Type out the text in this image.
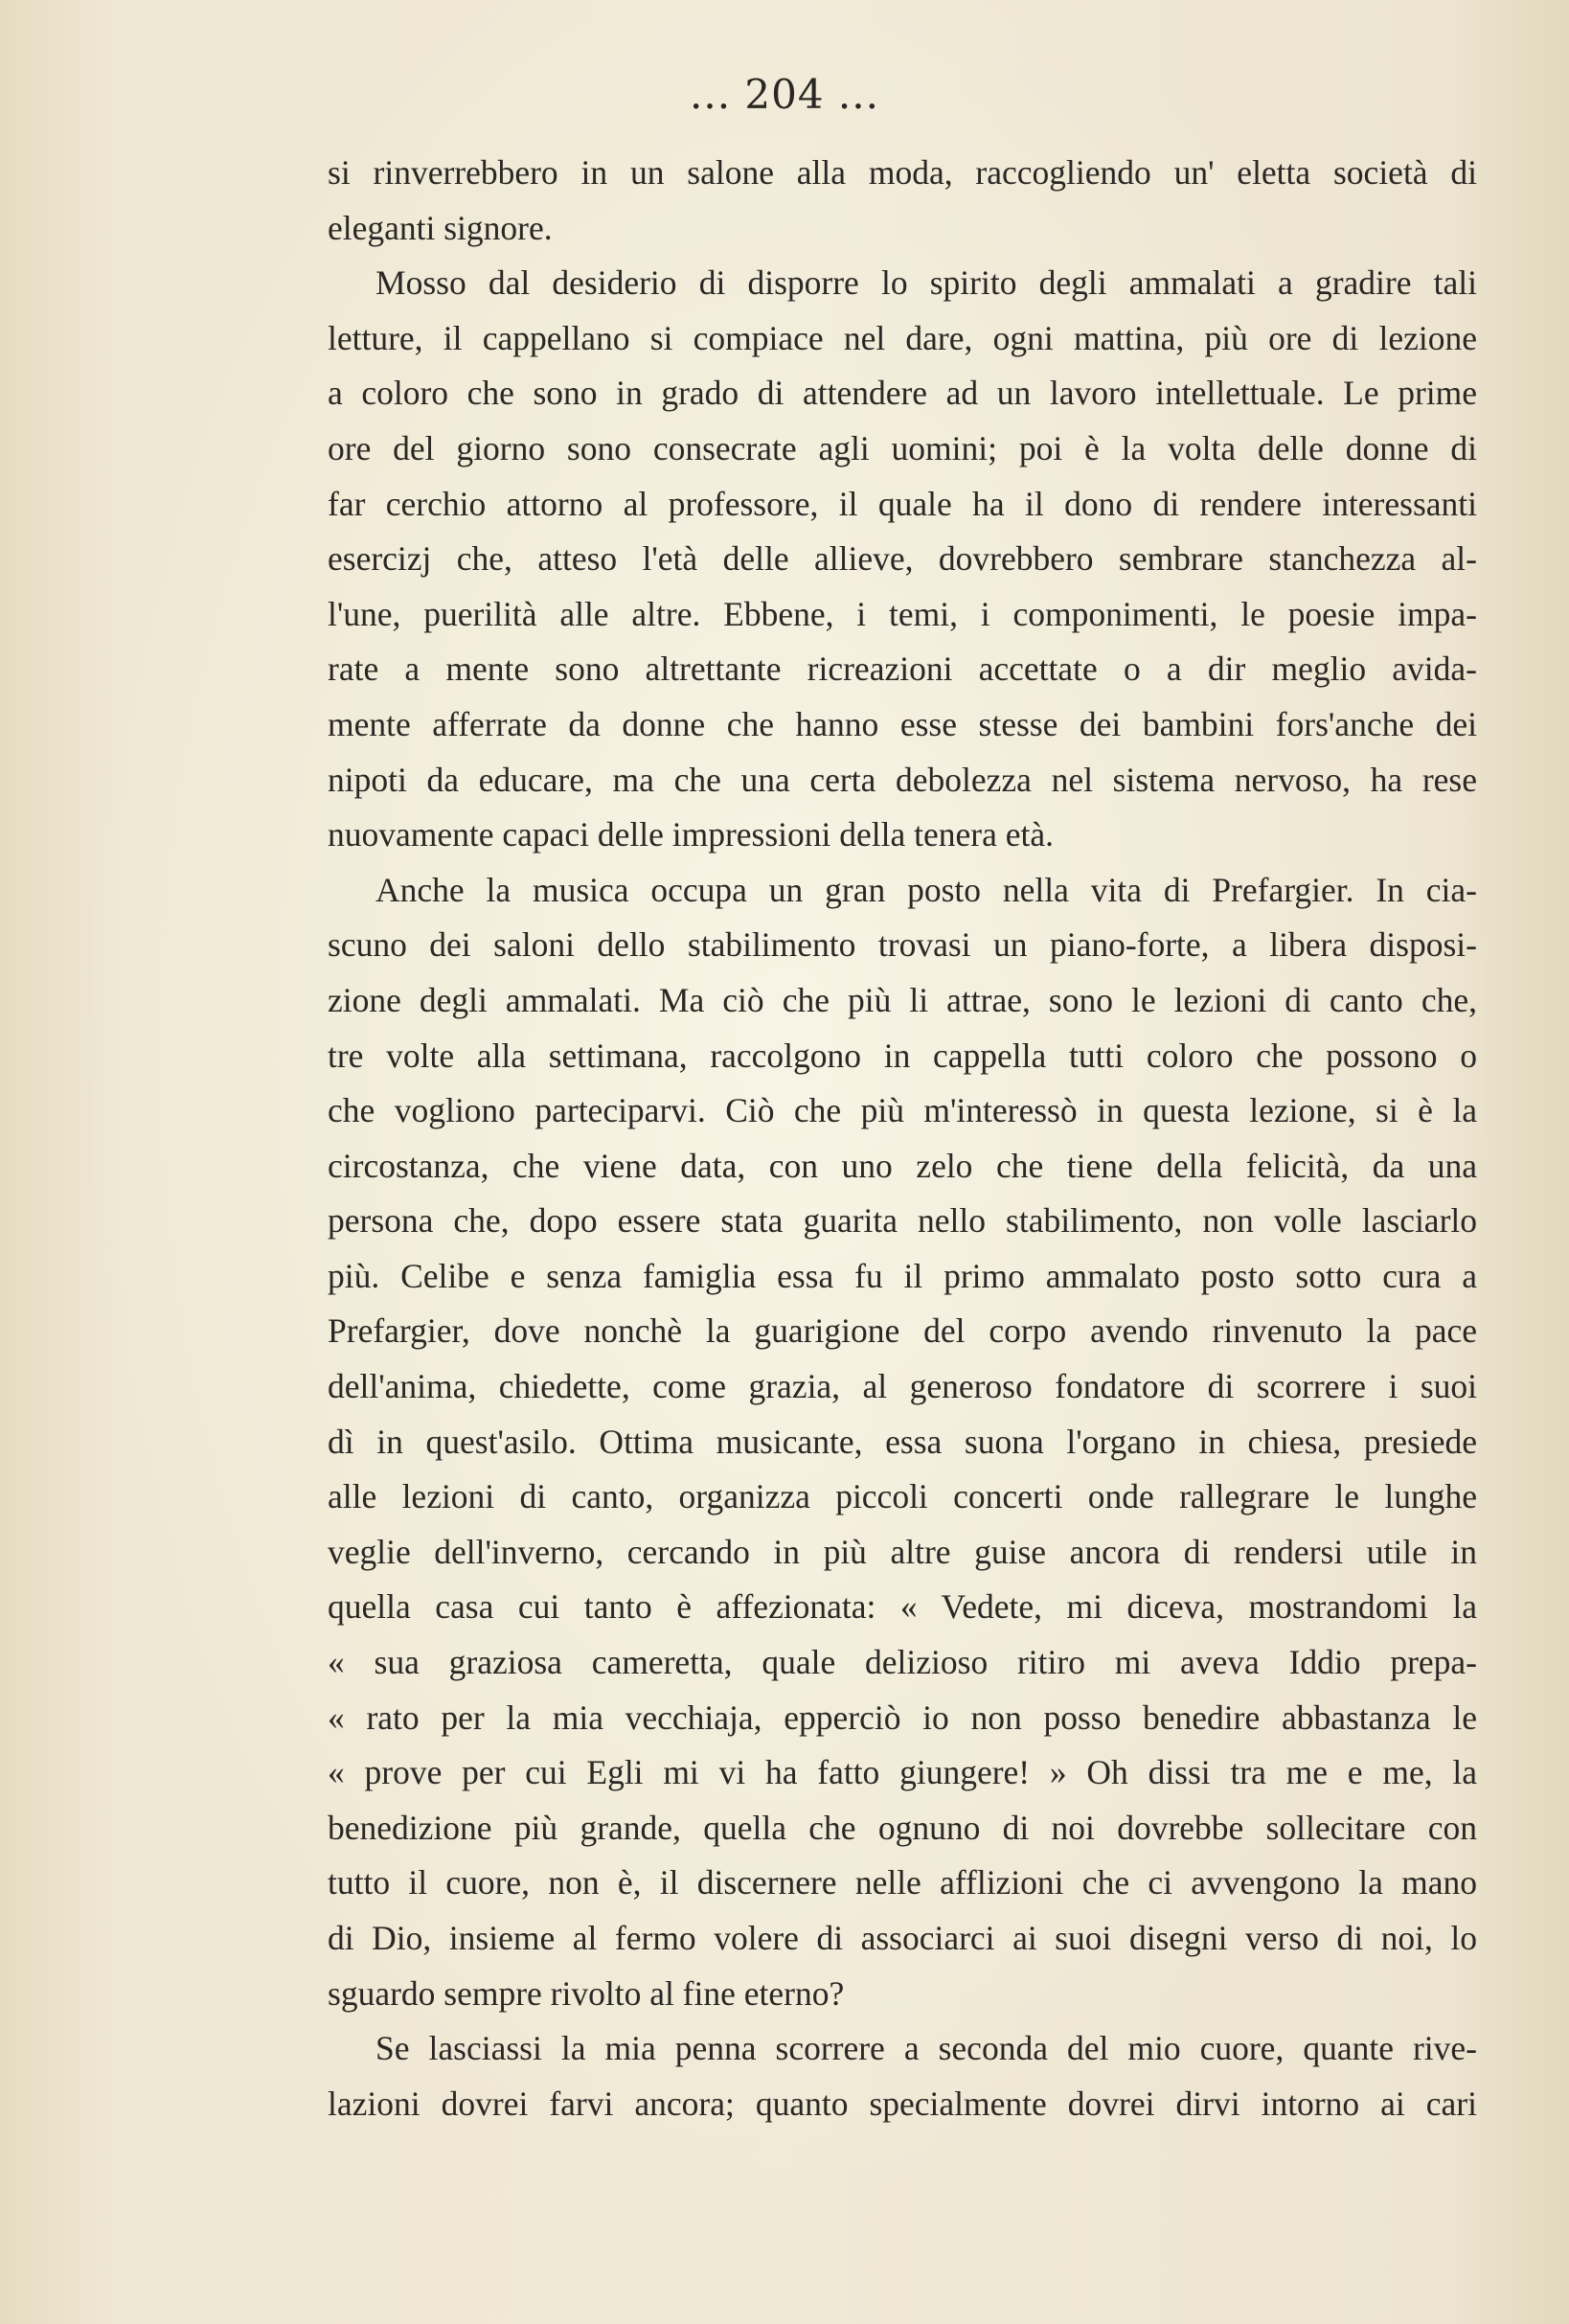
... 204 ...
si rinverrebbero in un salone alla moda, raccogliendo un' eletta società di
eleganti signore.
Mosso dal desiderio di disporre lo spirito degli ammalati a gradire tali
letture, il cappellano si compiace nel dare, ogni mattina, più ore di lezione
a coloro che sono in grado di attendere ad un lavoro intellettuale. Le prime
ore del giorno sono consecrate agli uomini; poi è la volta delle donne di
far cerchio attorno al professore, il quale ha il dono di rendere interessanti
esercizj che, atteso l'età delle allieve, dovrebbero sembrare stanchezza al-
l'une, puerilità alle altre. Ebbene, i temi, i componimenti, le poesie impa-
rate a mente sono altrettante ricreazioni accettate o a dir meglio avida-
mente afferrate da donne che hanno esse stesse dei bambini fors'anche dei
nipoti da educare, ma che una certa debolezza nel sistema nervoso, ha rese
nuovamente capaci delle impressioni della tenera età.
Anche la musica occupa un gran posto nella vita di Prefargier. In cia-
scuno dei saloni dello stabilimento trovasi un piano-forte, a libera disposi-
zione degli ammalati. Ma ciò che più li attrae, sono le lezioni di canto che,
tre volte alla settimana, raccolgono in cappella tutti coloro che possono o
che vogliono parteciparvi. Ciò che più m'interessò in questa lezione, si è la
circostanza, che viene data, con uno zelo che tiene della felicità, da una
persona che, dopo essere stata guarita nello stabilimento, non volle lasciarlo
più. Celibe e senza famiglia essa fu il primo ammalato posto sotto cura a
Prefargier, dove nonchè la guarigione del corpo avendo rinvenuto la pace
dell'anima, chiedette, come grazia, al generoso fondatore di scorrere i suoi
dì in quest'asilo. Ottima musicante, essa suona l'organo in chiesa, presiede
alle lezioni di canto, organizza piccoli concerti onde rallegrare le lunghe
veglie dell'inverno, cercando in più altre guise ancora di rendersi utile in
quella casa cui tanto è affezionata: « Vedete, mi diceva, mostrandomi la
« sua graziosa cameretta, quale delizioso ritiro mi aveva Iddio prepa-
« rato per la mia vecchiaja, epperciò io non posso benedire abbastanza le
« prove per cui Egli mi vi ha fatto giungere! » Oh dissi tra me e me, la
benedizione più grande, quella che ognuno di noi dovrebbe sollecitare con
tutto il cuore, non è, il discernere nelle afflizioni che ci avvengono la mano
di Dio, insieme al fermo volere di associarci ai suoi disegni verso di noi, lo
sguardo sempre rivolto al fine eterno?
Se lasciassi la mia penna scorrere a seconda del mio cuore, quante rive-
lazioni dovrei farvi ancora; quanto specialmente dovrei dirvi intorno ai cari
